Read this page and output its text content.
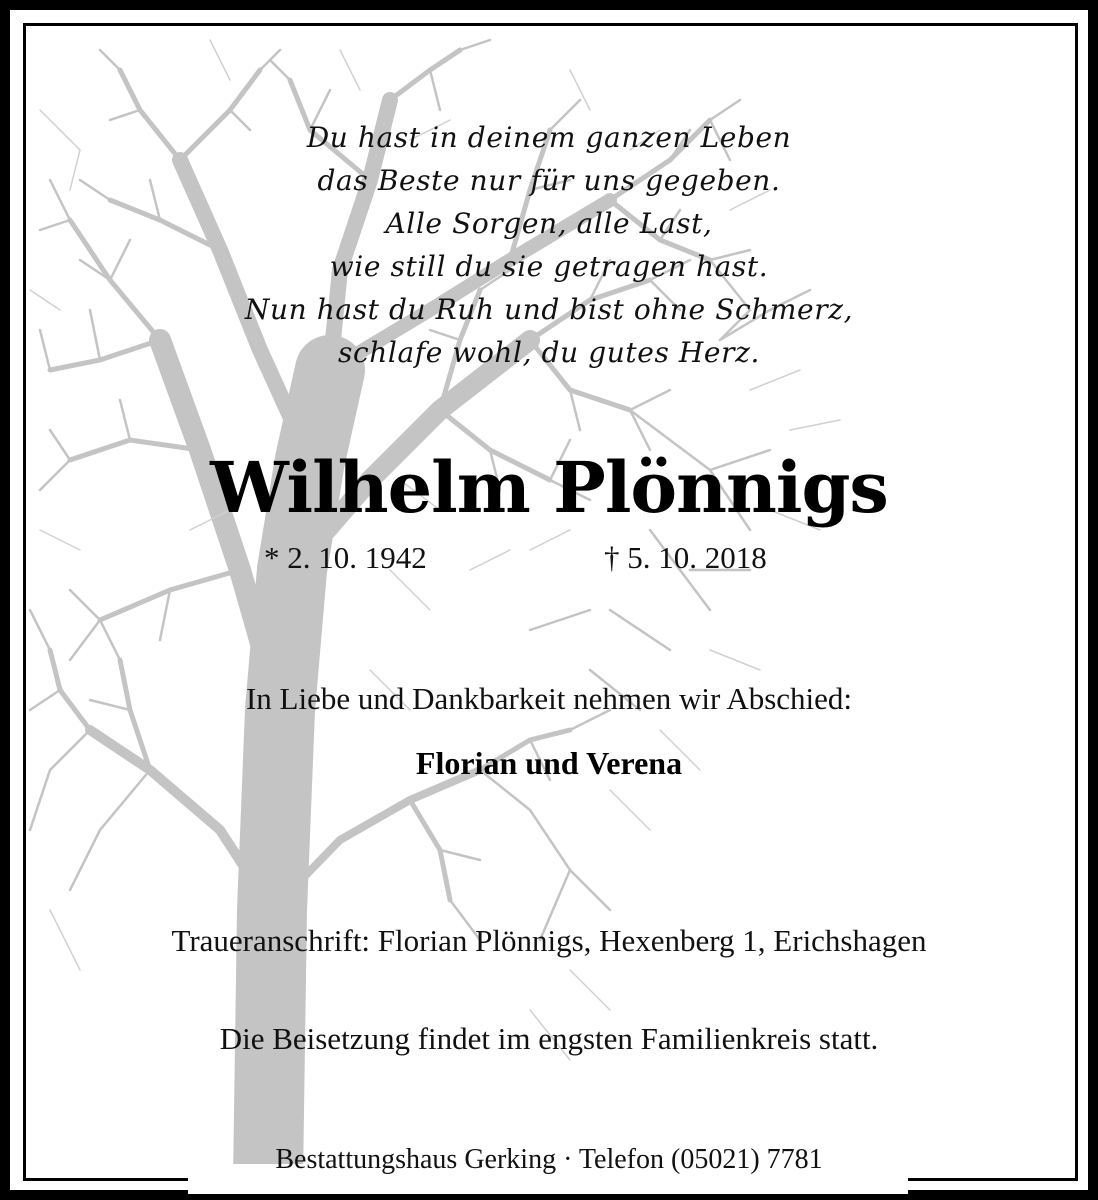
Du hast in deinem ganzen Leben
das Beste nur für uns gegeben.
Alle Sorgen, alle Last,
wie still du sie getragen hast.
Nun hast du Ruh und bist ohne Schmerz,
schlafe wohl, du gutes Herz.
Wilhelm Plönnigs
* 2. 10. 1942	† 5. 10. 2018
In Liebe und Dankbarkeit nehmen wir Abschied:
Florian und Verena
Traueranschrift: Florian Plönnigs, Hexenberg 1, Erichshagen
Die Beisetzung findet im engsten Familienkreis statt.
Bestattungshaus Gerking · Telefon (05021) 7781
